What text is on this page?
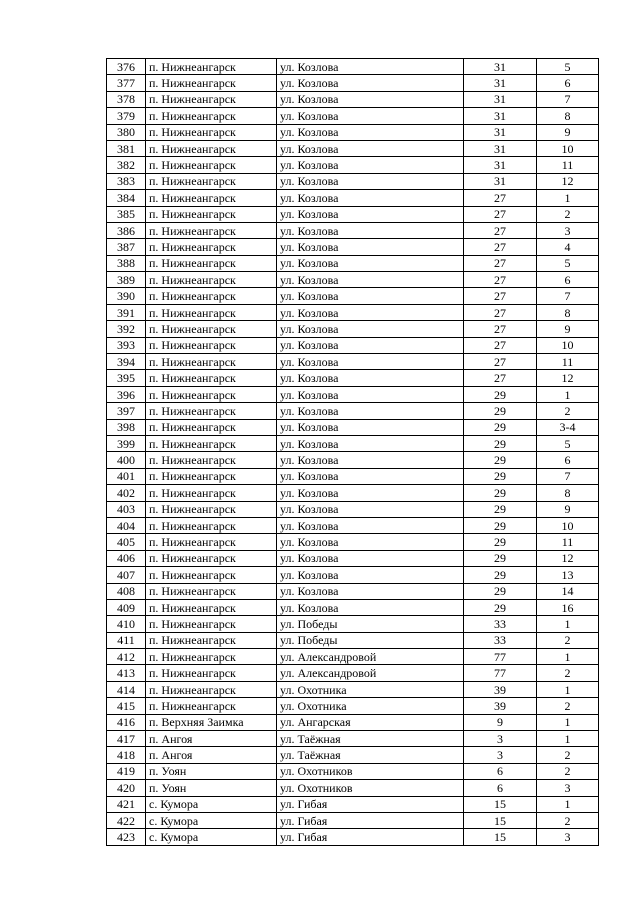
376	п. Нижнеангарск	ул. Козлова	31	5
377	п. Нижнеангарск	ул. Козлова	31	6
378	п. Нижнеангарск	ул. Козлова	31	7
379	п. Нижнеангарск	ул. Козлова	31	8
380	п. Нижнеангарск	ул. Козлова	31	9
381	п. Нижнеангарск	ул. Козлова	31	10
382	п. Нижнеангарск	ул. Козлова	31	11
383	п. Нижнеангарск	ул. Козлова	31	12
384	п. Нижнеангарск	ул. Козлова	27	1
385	п. Нижнеангарск	ул. Козлова	27	2
386	п. Нижнеангарск	ул. Козлова	27	3
387	п. Нижнеангарск	ул. Козлова	27	4
388	п. Нижнеангарск	ул. Козлова	27	5
389	п. Нижнеангарск	ул. Козлова	27	6
390	п. Нижнеангарск	ул. Козлова	27	7
391	п. Нижнеангарск	ул. Козлова	27	8
392	п. Нижнеангарск	ул. Козлова	27	9
393	п. Нижнеангарск	ул. Козлова	27	10
394	п. Нижнеангарск	ул. Козлова	27	11
395	п. Нижнеангарск	ул. Козлова	27	12
396	п. Нижнеангарск	ул. Козлова	29	1
397	п. Нижнеангарск	ул. Козлова	29	2
398	п. Нижнеангарск	ул. Козлова	29	3-4
399	п. Нижнеангарск	ул. Козлова	29	5
400	п. Нижнеангарск	ул. Козлова	29	6
401	п. Нижнеангарск	ул. Козлова	29	7
402	п. Нижнеангарск	ул. Козлова	29	8
403	п. Нижнеангарск	ул. Козлова	29	9
404	п. Нижнеангарск	ул. Козлова	29	10
405	п. Нижнеангарск	ул. Козлова	29	11
406	п. Нижнеангарск	ул. Козлова	29	12
407	п. Нижнеангарск	ул. Козлова	29	13
408	п. Нижнеангарск	ул. Козлова	29	14
409	п. Нижнеангарск	ул. Козлова	29	16
410	п. Нижнеангарск	ул. Победы	33	1
411	п. Нижнеангарск	ул. Победы	33	2
412	п. Нижнеангарск	ул. Александровой	77	1
413	п. Нижнеангарск	ул. Александровой	77	2
414	п. Нижнеангарск	ул. Охотника	39	1
415	п. Нижнеангарск	ул. Охотника	39	2
416	п. Верхняя Заимка	ул. Ангарская	9	1
417	п. Ангоя	ул. Таёжная	3	1
418	п. Ангоя	ул. Таёжная	3	2
419	п. Уоян	ул. Охотников	6	2
420	п. Уоян	ул. Охотников	6	3
421	с. Кумора	ул. Гибая	15	1
422	с. Кумора	ул. Гибая	15	2
423	с. Кумора	ул. Гибая	15	3
